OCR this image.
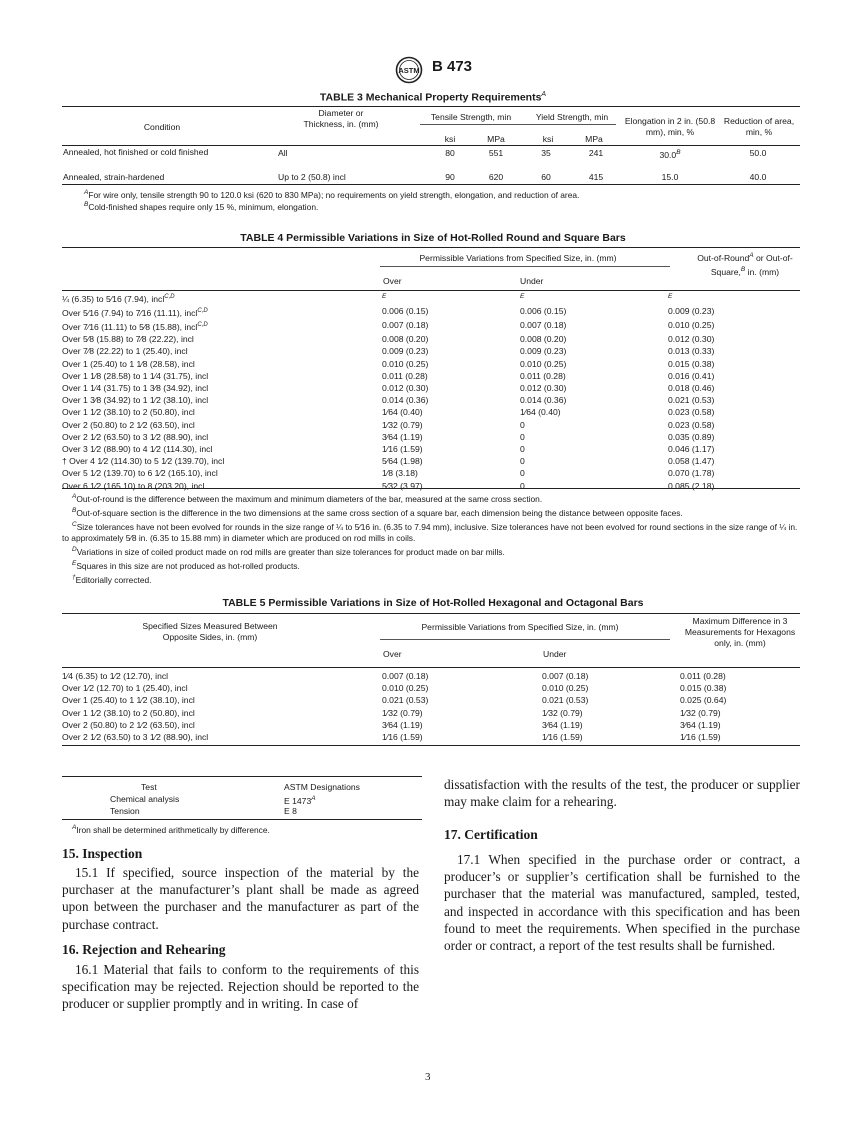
ASTM B 473
TABLE 3 Mechanical Property Requirements$^A$
Condition
Diameter or Thickness, in. (mm)
Tensile Strength, min	Yield Strength, min	Elongation in 2 in. (50.8 mm), min, %
Reduction of area, min, %
ksi	MPa	ksi	MPa
Annealed, hot finished or cold finished	All	80	551	35	241	$30.0^B$	50.0
Annealed, strain-hardened	Up to 2 (50.8) incl	90	620	60	415	15.0	40.0
$^A$For wire only, tensile strength 90 to 120.0 ksi (620 to 830 MPa); no requirements on yield strength, elongation, and reduction of area.
$^B$Cold-finished shapes require only 15 %, minimum, elongation.
TABLE 4 Permissible Variations in Size of Hot-Rolled Round and Square Bars
Permissible Variations from Specified Size, in. (mm)	Out-of-Round$^A$ or Out-of-Square,$^B$ in. (mm)
Over	Under
¼ (6.35) to 5⁄16 (7.94), incl$^{C,D}$	$^E$	$^E$	$^E$
Over 5⁄16 (7.94) to 7⁄16 (11.11), incl$^{C,D}$	0.006 (0.15)	0.006 (0.15)	0.009 (0.23)
Over 7⁄16 (11.11) to 5⁄8 (15.88), incl$^{C,D}$	0.007 (0.18)	0.007 (0.18)	0.010 (0.25)
Over 5⁄8 (15.88) to 7⁄8 (22.22), incl	0.008 (0.20)	0.008 (0.20)	0.012 (0.30)
Over 7⁄8 (22.22) to 1 (25.40), incl	0.009 (0.23)	0.009 (0.23)	0.013 (0.33)
Over 1 (25.40) to 1 1⁄8 (28.58), incl	0.010 (0.25)	0.010 (0.25)	0.015 (0.38)
Over 1 1⁄8 (28.58) to 1 1⁄4 (31.75), incl	0.011 (0.28)	0.011 (0.28)	0.016 (0.41)
Over 1 1⁄4 (31.75) to 1 3⁄8 (34.92), incl	0.012 (0.30)	0.012 (0.30)	0.018 (0.46)
Over 1 3⁄8 (34.92) to 1 1⁄2 (38.10), incl	0.014 (0.36)	0.014 (0.36)	0.021 (0.53)
Over 1 1⁄2 (38.10) to 2 (50.80), incl	1⁄64 (0.40)	1⁄64 (0.40)	0.023 (0.58)
Over 2 (50.80) to 2 1⁄2 (63.50), incl	1⁄32 (0.79)	0	0.023 (0.58)
Over 2 1⁄2 (63.50) to 3 1⁄2 (88.90), incl	3⁄64 (1.19)	0	0.035 (0.89)
Over 3 1⁄2 (88.90) to 4 1⁄2 (114.30), incl	1⁄16 (1.59)	0	0.046 (1.17)
† Over 4 1⁄2 (114.30) to 5 1⁄2 (139.70), incl	5⁄64 (1.98)	0	0.058 (1.47)
Over 5 1⁄2 (139.70) to 6 1⁄2 (165.10), incl	1⁄8 (3.18)	0	0.070 (1.78)
Over 6 1⁄2 (165.10) to 8 (203.20), incl	5⁄32 (3.97)	0	0.085 (2.18)
$^A$Out-of-round is the difference between the maximum and minimum diameters of the bar, measured at the same cross section.
$^B$Out-of-square section is the difference in the two dimensions at the same cross section of a square bar, each dimension being the distance between opposite faces.
$^C$Size tolerances have not been evolved for rounds in the size range of ¼ to 5⁄16 in. (6.35 to 7.94 mm), inclusive. Size tolerances have not been evolved for round sections in the size range of ¼ in. to approximately 5⁄8 in. (6.35 to 15.88 mm) in diameter which are produced on rod mills in coils.
$^D$Variations in size of coiled product made on rod mills are greater than size tolerances for product made on bar mills.
$^E$Squares in this size are not produced as hot-rolled products.
†Editorially corrected.
TABLE 5 Permissible Variations in Size of Hot-Rolled Hexagonal and Octagonal Bars
Specified Sizes Measured Between Opposite Sides, in. (mm)
Permissible Variations from Specified Size, in. (mm)
Maximum Difference in 3 Measurements for Hexagons only, in. (mm)
Over	Under
1⁄4 (6.35) to 1⁄2 (12.70), incl	0.007 (0.18)	0.007 (0.18)	0.011 (0.28)
Over 1⁄2 (12.70) to 1 (25.40), incl	0.010 (0.25)	0.010 (0.25)	0.015 (0.38)
Over 1 (25.40) to 1 1⁄2 (38.10), incl	0.021 (0.53)	0.021 (0.53)	0.025 (0.64)
Over 1 1⁄2 (38.10) to 2 (50.80), incl	1⁄32 (0.79)	1⁄32 (0.79)	1⁄32 (0.79)
Over 2 (50.80) to 2 1⁄2 (63.50), incl	3⁄64 (1.19)	3⁄64 (1.19)	3⁄64 (1.19)
Over 2 1⁄2 (63.50) to 3 1⁄2 (88.90), incl	1⁄16 (1.59)	1⁄16 (1.59)	1⁄16 (1.59)
Test	ASTM Designations
Chemical analysis	E $1473^A$
Tension	E 8
$^A$Iron shall be determined arithmetically by difference.
15. Inspection
15.1 If specified, source inspection of the material by the purchaser at the manufacturer’s plant shall be made as agreed upon between the purchaser and the manufacturer as part of the purchase contract.
16. Rejection and Rehearing
16.1 Material that fails to conform to the requirements of this specification may be rejected. Rejection should be reported to the producer or supplier promptly and in writing. In case of
dissatisfaction with the results of the test, the producer or supplier may make claim for a rehearing.
17. Certification
17.1 When specified in the purchase order or contract, a producer’s or supplier’s certification shall be furnished to the purchaser that the material was manufactured, sampled, tested, and inspected in accordance with this specification and has been found to meet the requirements. When specified in the purchase order or contract, a report of the test results shall be furnished.
3
